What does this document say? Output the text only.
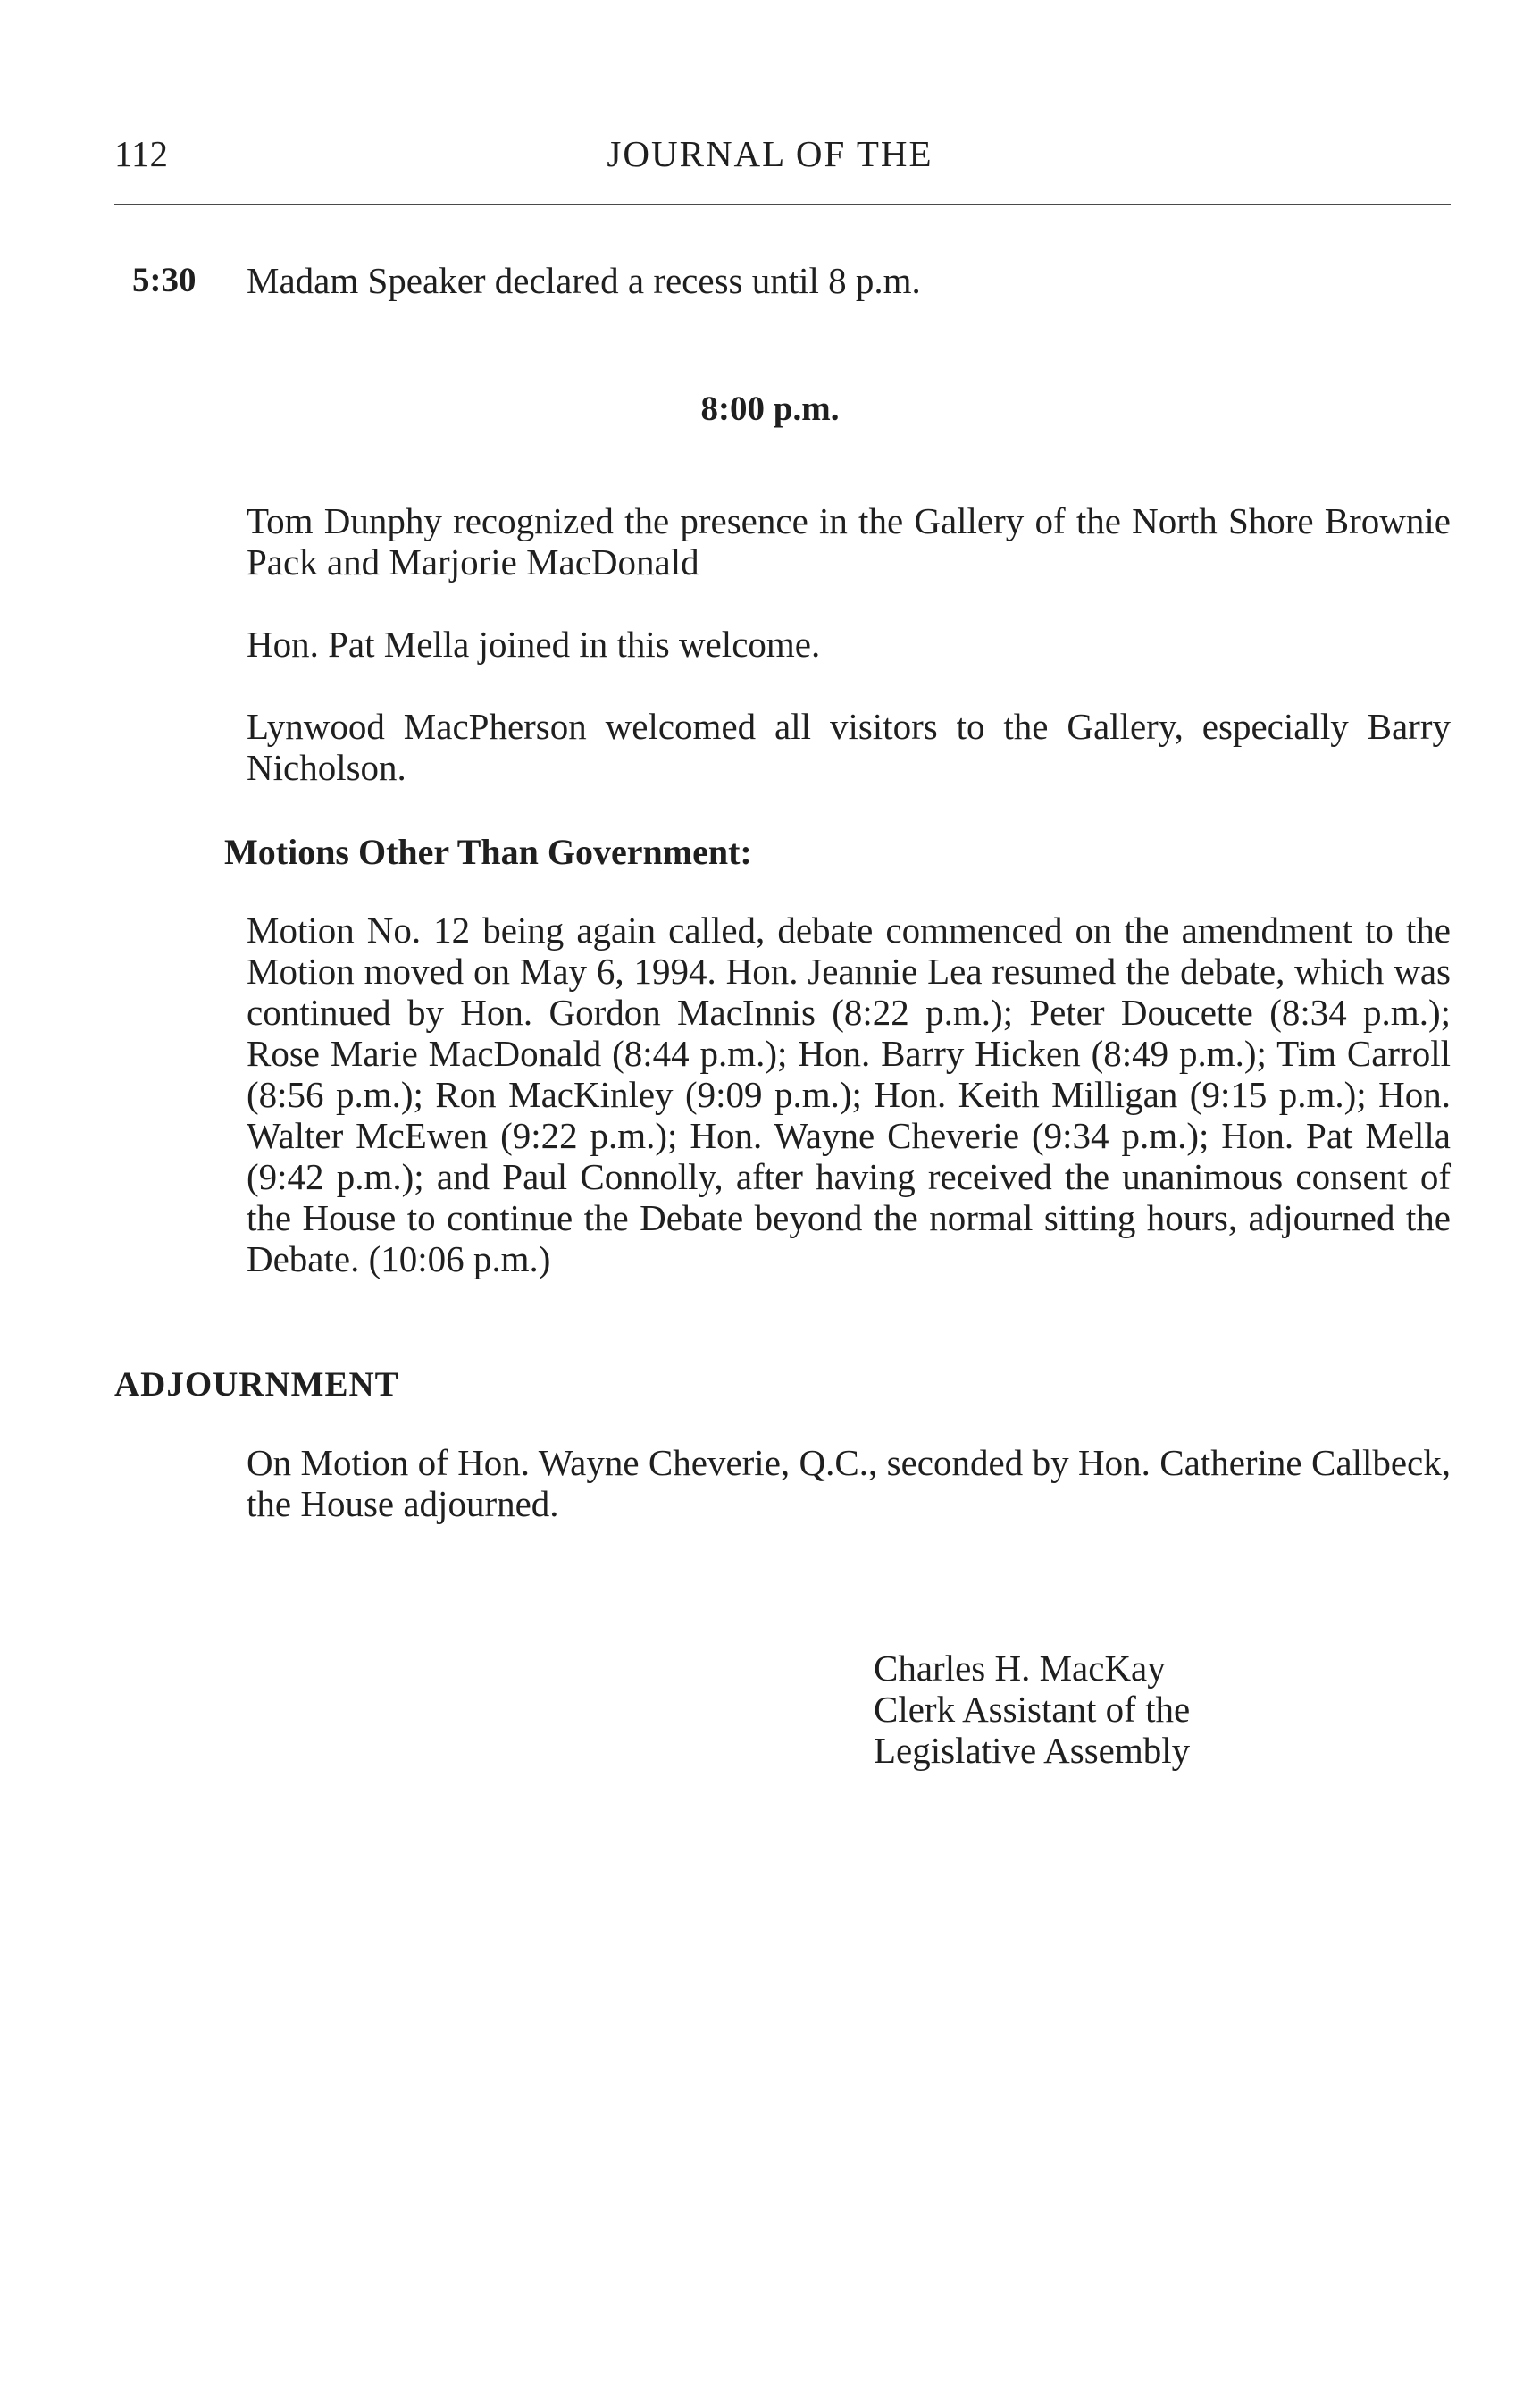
112	JOURNAL OF THE
5:30 Madam Speaker declared a recess until 8 p.m.
8:00 p.m.

Tom Dunphy recognized the presence in the Gallery of the North Shore Brownie Pack and Marjorie MacDonald

Hon. Pat Mella joined in this welcome.

Lynwood MacPherson welcomed all visitors to the Gallery, especially Barry Nicholson.

Motions Other Than Government:

Motion No. 12 being again called, debate commenced on the amendment to the Motion moved on May 6, 1994. Hon. Jeannie Lea resumed the debate, which was continued by Hon. Gordon MacInnis (8:22 p.m.); Peter Doucette (8:34 p.m.); Rose Marie MacDonald (8:44 p.m.); Hon. Barry Hicken (8:49 p.m.); Tim Carroll (8:56 p.m.); Ron MacKinley (9:09 p.m.); Hon. Keith Milligan (9:15 p.m.); Hon. Walter McEwen (9:22 p.m.); Hon. Wayne Cheverie (9:34 p.m.); Hon. Pat Mella (9:42 p.m.); and Paul Connolly, after having received the unanimous consent of the House to continue the Debate beyond the normal sitting hours, adjourned the Debate. (10:06 p.m.)

ADJOURNMENT

On Motion of Hon. Wayne Cheverie, Q.C., seconded by Hon. Catherine Callbeck, the House adjourned.

Charles H. MacKay
Clerk Assistant of the
Legislative Assembly
